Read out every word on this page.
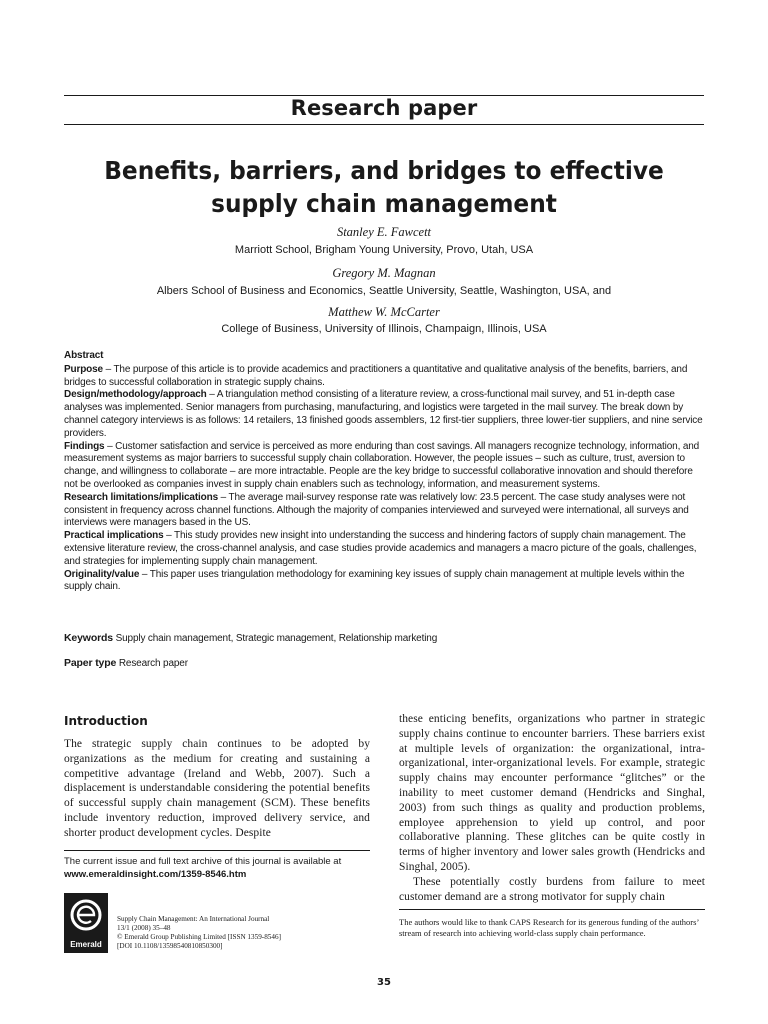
Research paper
Benefits, barriers, and bridges to effective
supply chain management
Stanley E. Fawcett
Marriott School, Brigham Young University, Provo, Utah, USA
Gregory M. Magnan
Albers School of Business and Economics, Seattle University, Seattle, Washington, USA, and
Matthew W. McCarter
College of Business, University of Illinois, Champaign, Illinois, USA

Abstract

Purpose – The purpose of this article is to provide academics and practitioners a quantitative and qualitative analysis of the benefits, barriers, and bridges to successful collaboration in strategic supply chains.

Design/methodology/approach – A triangulation method consisting of a literature review, a cross-functional mail survey, and 51 in-depth case analyses was implemented. Senior managers from purchasing, manufacturing, and logistics were targeted in the mail survey. The break down by channel category interviews is as follows: 14 retailers, 13 finished goods assemblers, 12 first-tier suppliers, three lower-tier suppliers, and nine service providers.

Findings – Customer satisfaction and service is perceived as more enduring than cost savings. All managers recognize technology, information, and measurement systems as major barriers to successful supply chain collaboration. However, the people issues – such as culture, trust, aversion to change, and willingness to collaborate – are more intractable. People are the key bridge to successful collaborative innovation and should therefore not be overlooked as companies invest in supply chain enablers such as technology, information, and measurement systems.

Research limitations/implications – The average mail-survey response rate was relatively low: 23.5 percent. The case study analyses were not consistent in frequency across channel functions. Although the majority of companies interviewed and surveyed were international, all surveys and interviews were managers based in the US.

Practical implications – This study provides new insight into understanding the success and hindering factors of supply chain management. The extensive literature review, the cross-channel analysis, and case studies provide academics and managers a macro picture of the goals, challenges, and strategies for implementing supply chain management.

Originality/value – This paper uses triangulation methodology for examining key issues of supply chain management at multiple levels within the supply chain.

Keywords Supply chain management, Strategic management, Relationship marketing
Paper type Research paper
Introduction

The strategic supply chain continues to be adopted by organizations as the medium for creating and sustaining a competitive advantage (Ireland and Webb, 2007). Such a displacement is understandable considering the potential benefits of successful supply chain management (SCM). These benefits include inventory reduction, improved delivery service, and shorter product development cycles. Despite

these enticing benefits, organizations who partner in strategic supply chains continue to encounter barriers. These barriers exist at multiple levels of organization: the organizational, intra-organizational, inter-organizational levels. For example, strategic supply chains may encounter performance “glitches” or the inability to meet customer demand (Hendricks and Singhal, 2003) from such things as quality and production problems, employee apprehension to yield up control, and poor collaborative planning. These glitches can be quite costly in terms of higher inventory and lower sales growth (Hendricks and Singhal, 2005).

These potentially costly burdens from failure to meet customer demand are a strong motivator for supply chain

The current issue and full text archive of this journal is available at
www.emeraldinsight.com/1359-8546.htm
Emerald
Supply Chain Management: An International Journal
13/1 (2008) 35–48
© Emerald Group Publishing Limited [ISSN 1359-8546]
[DOI 10.1108/13598540810850300]
The authors would like to thank CAPS Research for its generous funding of the authors’ stream of research into achieving world-class supply chain performance.
35
